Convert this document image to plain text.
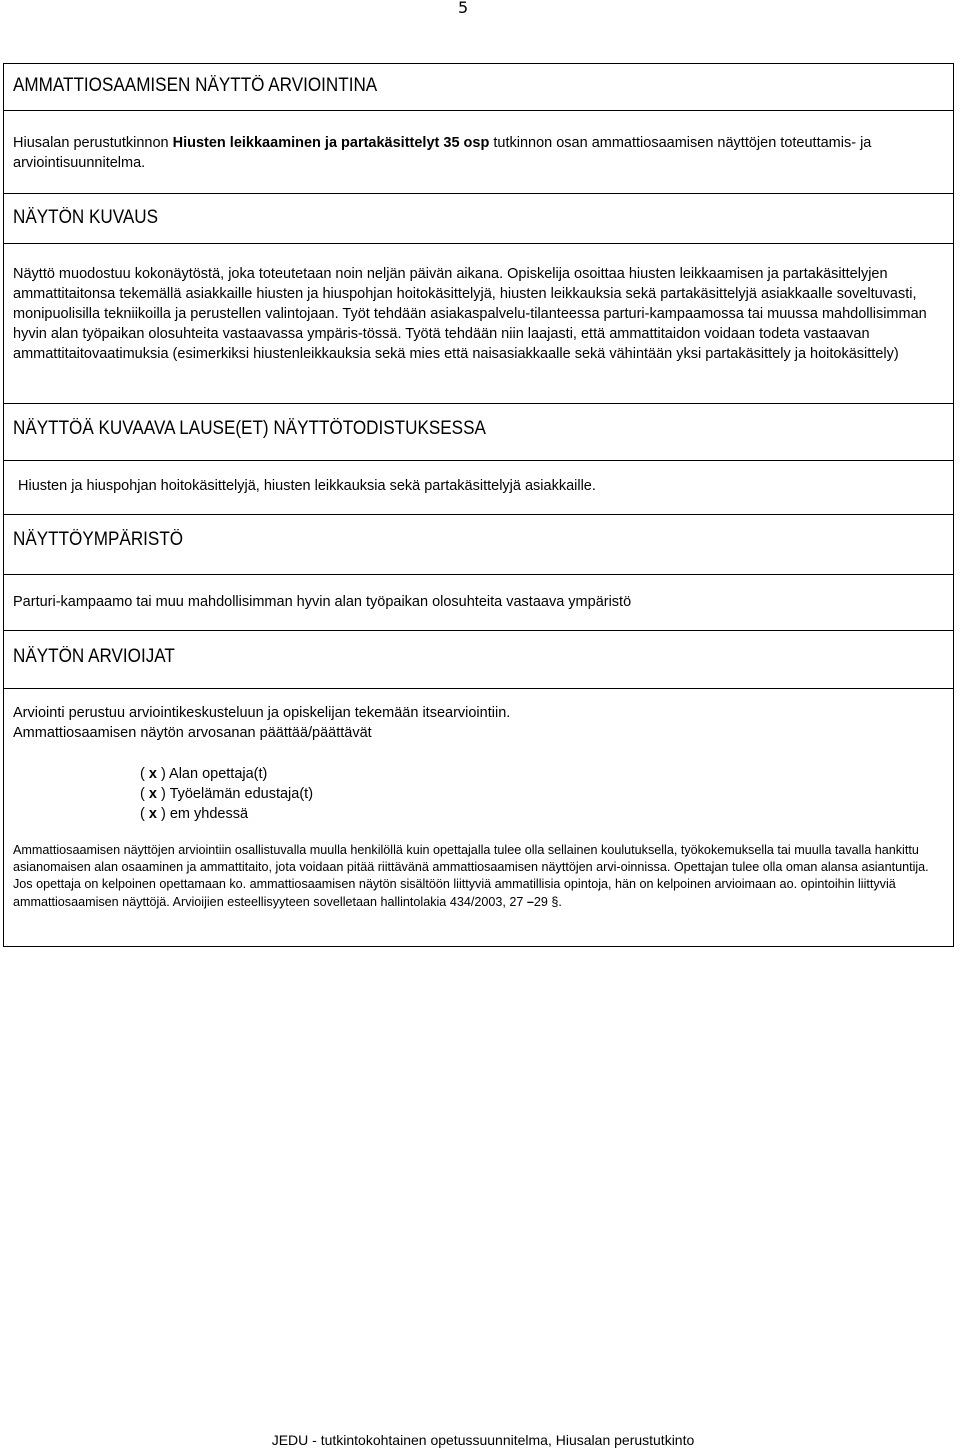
5
AMMATTIOSAAMISEN NÄYTTÖ ARVIOINTINA

Hiusalan perustutkinnon Hiusten leikkaaminen ja partakäsittelyt 35 osp tutkinnon osan ammattiosaamisen näyttöjen toteuttamis- ja arviointisuunnitelma.

NÄYTÖN KUVAUS

Näyttö muodostuu kokonäytöstä, joka toteutetaan noin neljän päivän aikana. Opiskelija osoittaa hiusten leikkaamisen ja partakäsittelyjen ammattitaitonsa tekemällä asiakkaille hiusten ja hiuspohjan hoitokäsittelyjä, hiusten leikkauksia sekä partakäsittelyjä asiakkaalle soveltuvasti, monipuolisilla tekniikoilla ja perustellen valintojaan. Työt tehdään asiakaspalvelu-tilanteessa parturi-kampaamossa tai muussa mahdollisimman hyvin alan työpaikan olosuhteita vastaavassa ympäris-tössä. Työtä tehdään niin laajasti, että ammattitaidon voidaan todeta vastaavan ammattitaitovaatimuksia (esimerkiksi hiustenleikkauksia sekä mies että naisasiakkaalle sekä vähintään yksi partakäsittely ja hoitokäsittely)

NÄYTTÖÄ KUVAAVA LAUSE(ET) NÄYTTÖTODISTUKSESSA

Hiusten ja hiuspohjan hoitokäsittelyjä, hiusten leikkauksia sekä partakäsittelyjä asiakkaille.

NÄYTTÖYMPÄRISTÖ

Parturi-kampaamo tai muu mahdollisimman hyvin alan työpaikan olosuhteita vastaava ympäristö

NÄYTÖN ARVIOIJAT

Arviointi perustuu arviointikeskusteluun ja opiskelijan tekemään itsearviointiin.

Ammattiosaamisen näytön arvosanan päättää/päättävät

( x ) Alan opettaja(t)
( x ) Työelämän edustaja(t)
( x ) em yhdessä

Ammattiosaamisen näyttöjen arviointiin osallistuvalla muulla henkilöllä kuin opettajalla tulee olla sellainen koulutuksella, työkokemuksella tai muulla tavalla hankittu asianomaisen alan osaaminen ja ammattitaito, jota voidaan pitää riittävänä ammattiosaamisen näyttöjen arvi-oinnissa. Opettajan tulee olla oman alansa asiantuntija. Jos opettaja on kelpoinen opettamaan ko. ammattiosaamisen näytön sisältöön liittyviä ammatillisia opintoja, hän on kelpoinen arvioimaan ao. opintoihin liittyviä ammattiosaamisen näyttöjä. Arvioijien esteellisyyteen sovelletaan hallintolakia 434/2003, 27 –29 §.

JEDU - tutkintokohtainen opetussuunnitelma, Hiusalan perustutkinto
